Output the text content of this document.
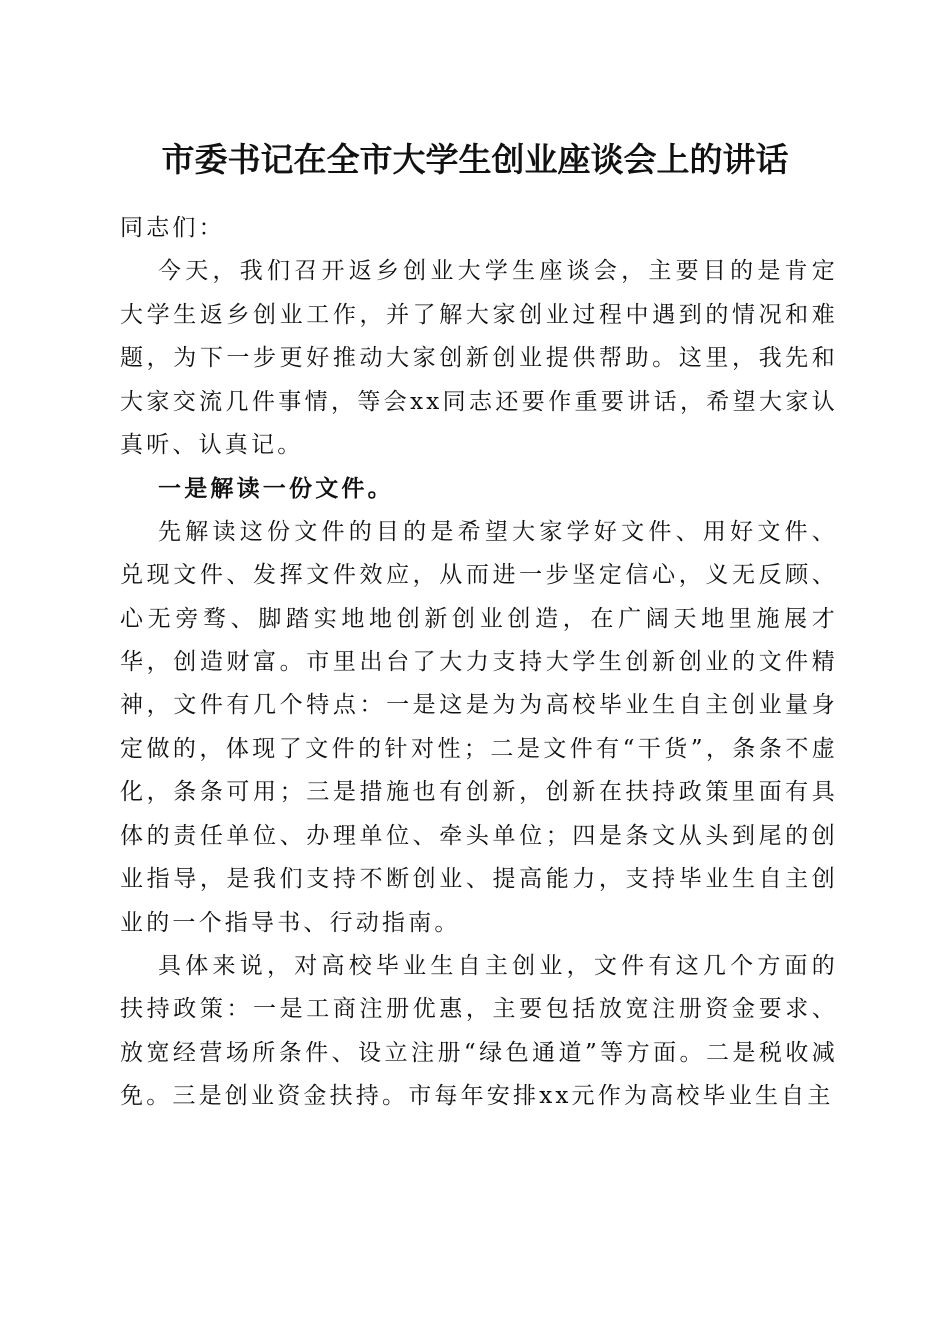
市委书记在全市大学生创业座谈会上的讲话

同志们：

今天，我们召开返乡创业大学生座谈会，主要目的是肯定大学生返乡创业工作，并了解大家创业过程中遇到的情况和难题，为下一步更好推动大家创新创业提供帮助。这里，我先和大家交流几件事情，等会xx同志还要作重要讲话，希望大家认真听、认真记。

一是解读一份文件。

先解读这份文件的目的是希望大家学好文件、用好文件、兑现文件、发挥文件效应，从而进一步坚定信心，义无反顾、心无旁骛、脚踏实地地创新创业创造，在广阔天地里施展才华，创造财富。市里出台了大力支持大学生创新创业的文件精神，文件有几个特点：一是这是为为高校毕业生自主创业量身定做的，体现了文件的针对性；二是文件有“干货”，条条不虚化，条条可用；三是措施也有创新，创新在扶持政策里面有具体的责任单位、办理单位、牵头单位；四是条文从头到尾的创业指导，是我们支持不断创业、提高能力，支持毕业生自主创业的一个指导书、行动指南。

具体来说，对高校毕业生自主创业，文件有这几个方面的扶持政策：一是工商注册优惠，主要包括放宽注册资金要求、放宽经营场所条件、设立注册“绿色通道”等方面。二是税收减免。三是创业资金扶持。市每年安排xx元作为高校毕业生自主
